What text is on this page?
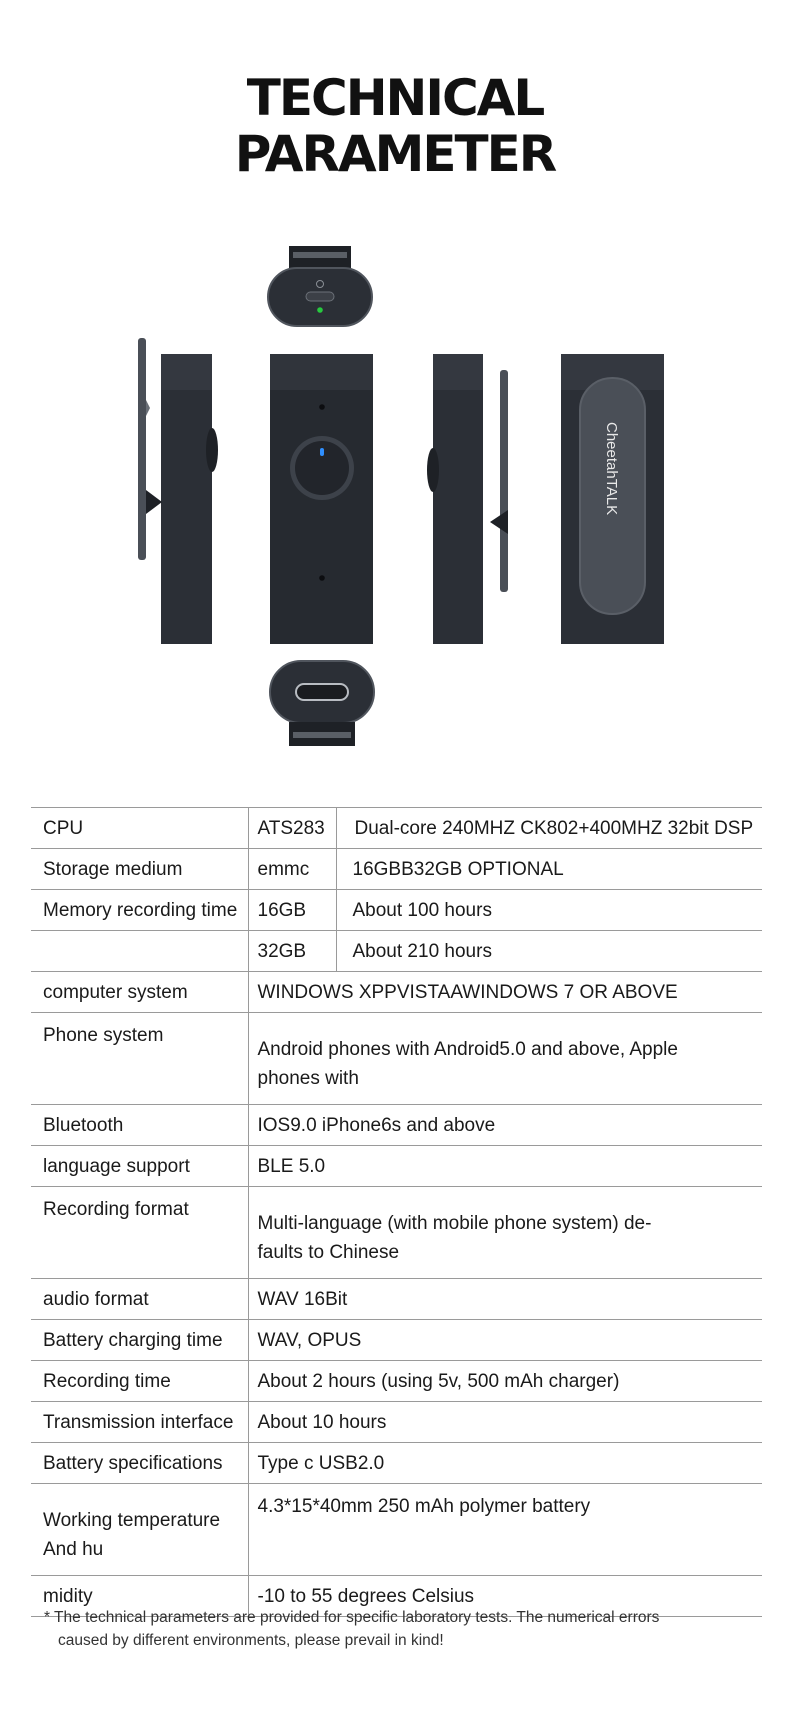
TECHNICAL
PARAMETER
CheetahTALK
CPU	ATS283	Dual-core 240MHZ CK802+400MHZ 32bit DSP
Storage medium	emmc	16GBB32GB OPTIONAL
Memory recording time	16GB	About 100 hours
	32GB	About 210 hours
computer system	WINDOWS XPPVISTAAWINDOWS 7 OR ABOVE	
Phone system	Android phones with Android5.0 and above, Apple
phones with	

Bluetooth	IOS9.0 iPhone6s and above	
language support	BLE 5.0	
Recording format	Multi-language (with mobile phone system) de-
faults to Chinese	

audio format	WAV 16Bit	
Battery charging time	WAV, OPUS	
Recording time	About 2 hours (using 5v, 500 mAh charger)	
Transmission interface	About 10 hours	
Battery specifications	Type c USB2.0	

Working temperature
And hu	4.3*15*40mm 250 mAh polymer battery	
midity	-10 to 55 degrees Celsius	
* The technical parameters are provided for specific laboratory tests. The numerical errors
caused by different environments, please prevail in kind!
